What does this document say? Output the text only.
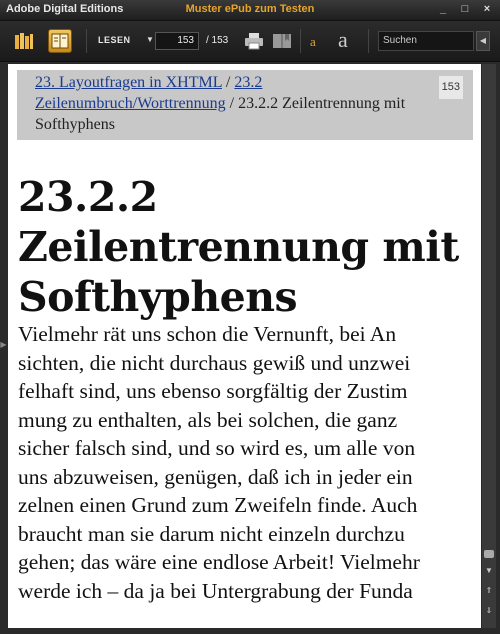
Adobe Digital Editions	Muster ePub zum Testen	_	□	×
LESEN ▼	153	/ 153	a a	Suchen	◀
▶
23. Layoutfragen in XHTML / 23.2 Zeilenumbruch/Worttrennung / 23.2.2 Zeilentrennung mit Softhyphens
153
23.2.2 Zeilentrennung mit Softhyphens
Vielmehr rät uns schon die Vernunft, bei An
sichten, die nicht durchaus gewiß und unzwei
felhaft sind, uns ebenso sorgfältig der Zustim
mung zu enthalten, als bei solchen, die ganz
sicher falsch sind, und so wird es, um alle von
uns abzuweisen, genügen, daß ich in jeder ein
zelnen einen Grund zum Zweifeln finde. Auch
braucht man sie darum nicht einzeln durchzu
gehen; das wäre eine endlose Arbeit! Vielmehr
werde ich – da ja bei Untergrabung der Funda
▼
⇑
⇓
